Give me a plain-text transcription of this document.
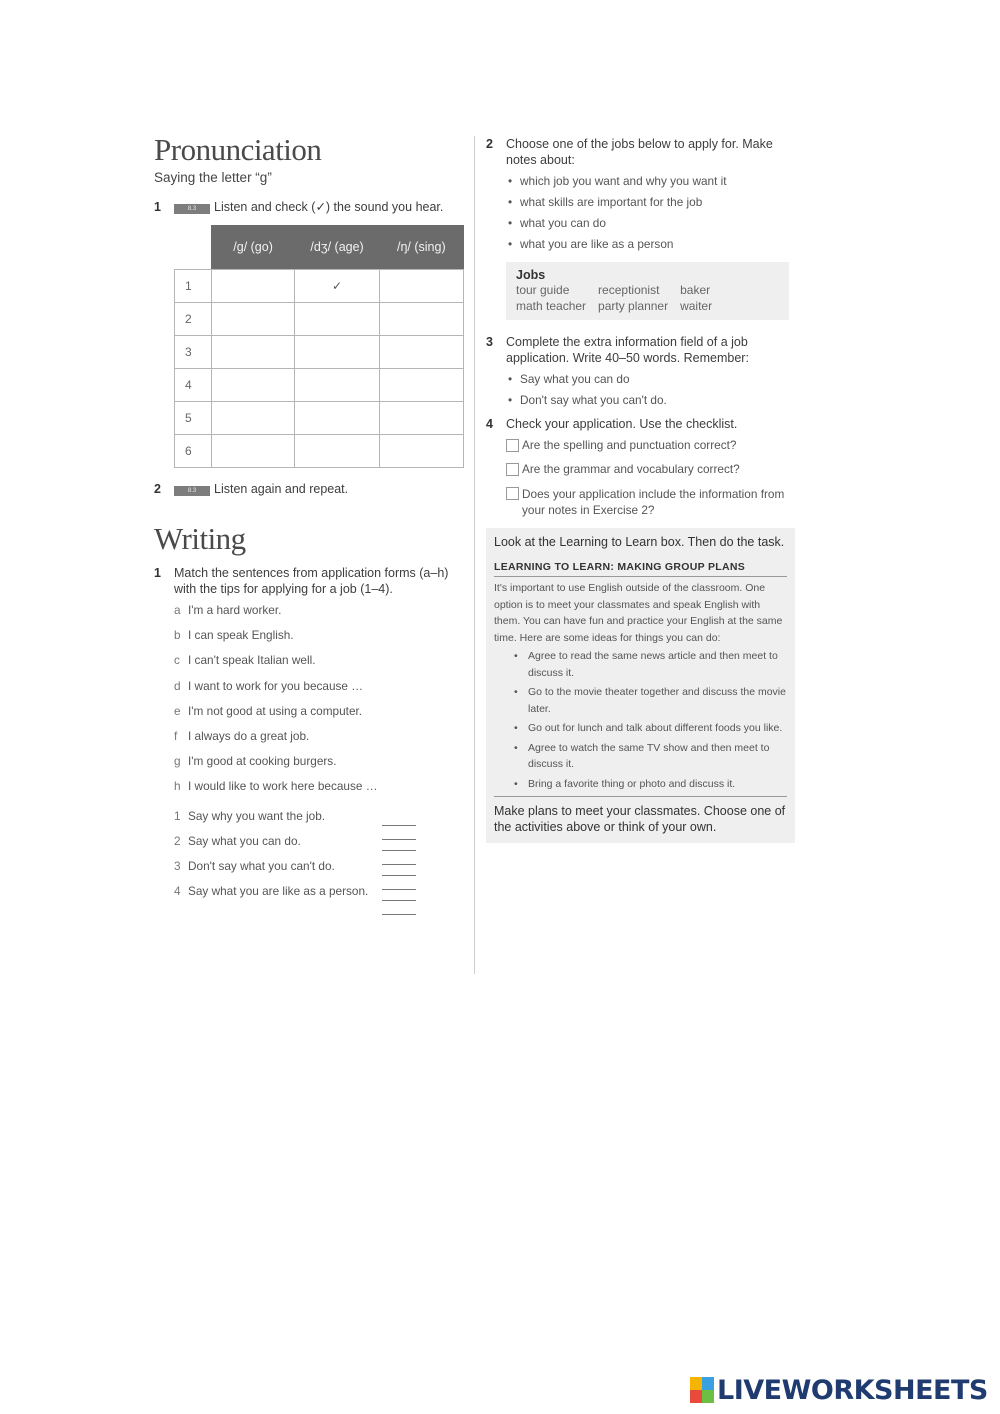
Pronunciation
Saying the letter “g”
1	8.3 Listen and check (✓) the sound you hear.
	/g/ (go)	/dʒ/ (age)	/ŋ/ (sing)
1		✓	
2			
3			
4			
5			
6			
2	8.3 Listen again and repeat.
Writing
1 Match the sentences from application forms (a–h) with the tips for applying for a job (1–4).
a I'm a hard worker.
b I can speak English.
c I can't speak Italian well.
d I want to work for you because …
e I'm not good at using a computer.
f I always do a great job.
g I'm good at cooking burgers.
h I would like to work here because …
1 Say why you want the job.
2 Say what you can do.
3 Don't say what you can't do.
4 Say what you are like as a person.
2 Choose one of the jobs below to apply for. Make notes about:
• which job you want and why you want it
• what skills are important for the job
• what you can do
• what you are like as a person
Jobs
tour guide	receptionist	baker
math teacher	party planner	waiter
3 Complete the extra information field of a job application. Write 40–50 words. Remember:
• Say what you can do
• Don't say what you can't do.
4 Check your application. Use the checklist.
Are the spelling and punctuation correct?
Are the grammar and vocabulary correct?
Does your application include the information from your notes in Exercise 2?
Look at the Learning to Learn box. Then do the task.
LEARNING TO LEARN: MAKING GROUP PLANS
It's important to use English outside of the classroom. One option is to meet your classmates and speak English with them. You can have fun and practice your English at the same time. Here are some ideas for things you can do:
• Agree to read the same news article and then meet to discuss it.
• Go to the movie theater together and discuss the movie later.
• Go out for lunch and talk about different foods you like.
• Agree to watch the same TV show and then meet to discuss it.
• Bring a favorite thing or photo and discuss it.
Make plans to meet your classmates. Choose one of the activities above or think of your own.
LIVEWORKSHEETS
